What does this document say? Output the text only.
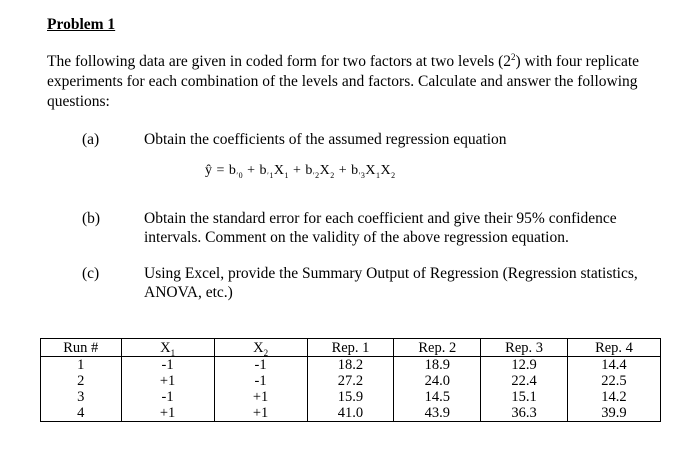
Problem 1
The following data are given in coded form for two factors at two levels $(2^2)$ with four replicate experiments for each combination of the levels and factors. Calculate and answer the following questions:
(a)	Obtain the coefficients of the assumed regression equation
ŷ = $b_{'0} + b_{'1}X_1 + b_{'2}X_2 + b_{'3}X_1X_2$
(b)	Obtain the standard error for each coefficient and give their 95% confidence intervals. Comment on the validity of the above regression equation.
(c)	Using Excel, provide the Summary Output of Regression (Regression statistics, ANOVA, etc.)
Run #	$X_1$	$X_2$	Rep. 1	Rep. 2	Rep. 3	Rep. 4
1	-1	-1	18.2	18.9	12.9	14.4
2	+1	-1	27.2	24.0	22.4	22.5
3	-1	+1	15.9	14.5	15.1	14.2
4	+1	+1	41.0	43.9	36.3	39.9
